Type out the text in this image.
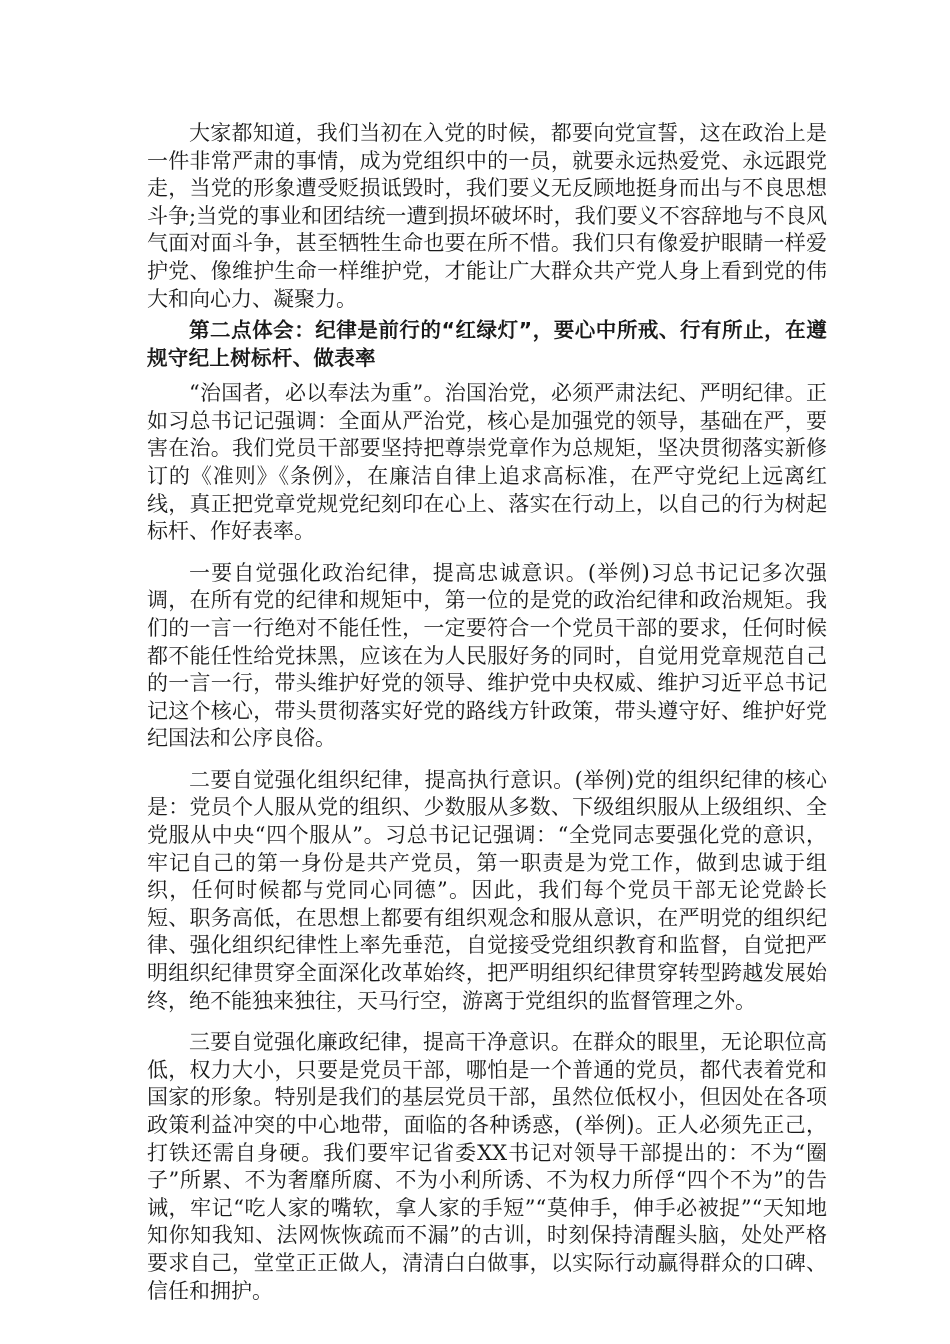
大家都知道，我们当初在入党的时候，都要向党宣誓，这在政治上是一件非常严肃的事情，成为党组织中的一员，就要永远热爱党、永远跟党走，当党的形象遭受贬损诋毁时，我们要义无反顾地挺身而出与不良思想斗争;当党的事业和团结统一遭到损坏破坏时，我们要义不容辞地与不良风气面对面斗争，甚至牺牲生命也要在所不惜。我们只有像爱护眼睛一样爱护党、像维护生命一样维护党，才能让广大群众共产党人身上看到党的伟大和向心力、凝聚力。

第二点体会：纪律是前行的“红绿灯”，要心中所戒、行有所止，在遵规守纪上树标杆、做表率

“治国者，必以奉法为重”。治国治党，必须严肃法纪、严明纪律。正如习总书记记强调：全面从严治党，核心是加强党的领导，基础在严，要害在治。我们党员干部要坚持把尊崇党章作为总规矩，坚决贯彻落实新修订的《准则》《条例》，在廉洁自律上追求高标准，在严守党纪上远离红线，真正把党章党规党纪刻印在心上、落实在行动上，以自己的行为树起标杆、作好表率。

一要自觉强化政治纪律，提高忠诚意识。(举例)习总书记记多次强调，在所有党的纪律和规矩中，第一位的是党的政治纪律和政治规矩。我们的一言一行绝对不能任性，一定要符合一个党员干部的要求，任何时候都不能任性给党抹黑，应该在为人民服好务的同时，自觉用党章规范自己的一言一行，带头维护好党的领导、维护党中央权威、维护习近平总书记记这个核心，带头贯彻落实好党的路线方针政策，带头遵守好、维护好党纪国法和公序良俗。

二要自觉强化组织纪律，提高执行意识。(举例)党的组织纪律的核心是：党员个人服从党的组织、少数服从多数、下级组织服从上级组织、全党服从中央“四个服从”。习总书记记强调：“全党同志要强化党的意识，牢记自己的第一身份是共产党员，第一职责是为党工作，做到忠诚于组织，任何时候都与党同心同德”。因此，我们每个党员干部无论党龄长短、职务高低，在思想上都要有组织观念和服从意识，在严明党的组织纪律、强化组织纪律性上率先垂范，自觉接受党组织教育和监督，自觉把严明组织纪律贯穿全面深化改革始终，把严明组织纪律贯穿转型跨越发展始终，绝不能独来独往，天马行空，游离于党组织的监督管理之外。

三要自觉强化廉政纪律，提高干净意识。在群众的眼里，无论职位高低，权力大小，只要是党员干部，哪怕是一个普通的党员，都代表着党和国家的形象。特别是我们的基层党员干部，虽然位低权小，但因处在各项政策利益冲突的中心地带，面临的各种诱惑，(举例)。正人必须先正己，打铁还需自身硬。我们要牢记省委XX书记对领导干部提出的：不为“圈子”所累、不为奢靡所腐、不为小利所诱、不为权力所俘“四个不为”的告诫，牢记“吃人家的嘴软，拿人家的手短”“莫伸手，伸手必被捉”“天知地知你知我知、法网恢恢疏而不漏”的古训，时刻保持清醒头脑，处处严格要求自己，堂堂正正做人，清清白白做事，以实际行动赢得群众的口碑、信任和拥护。
